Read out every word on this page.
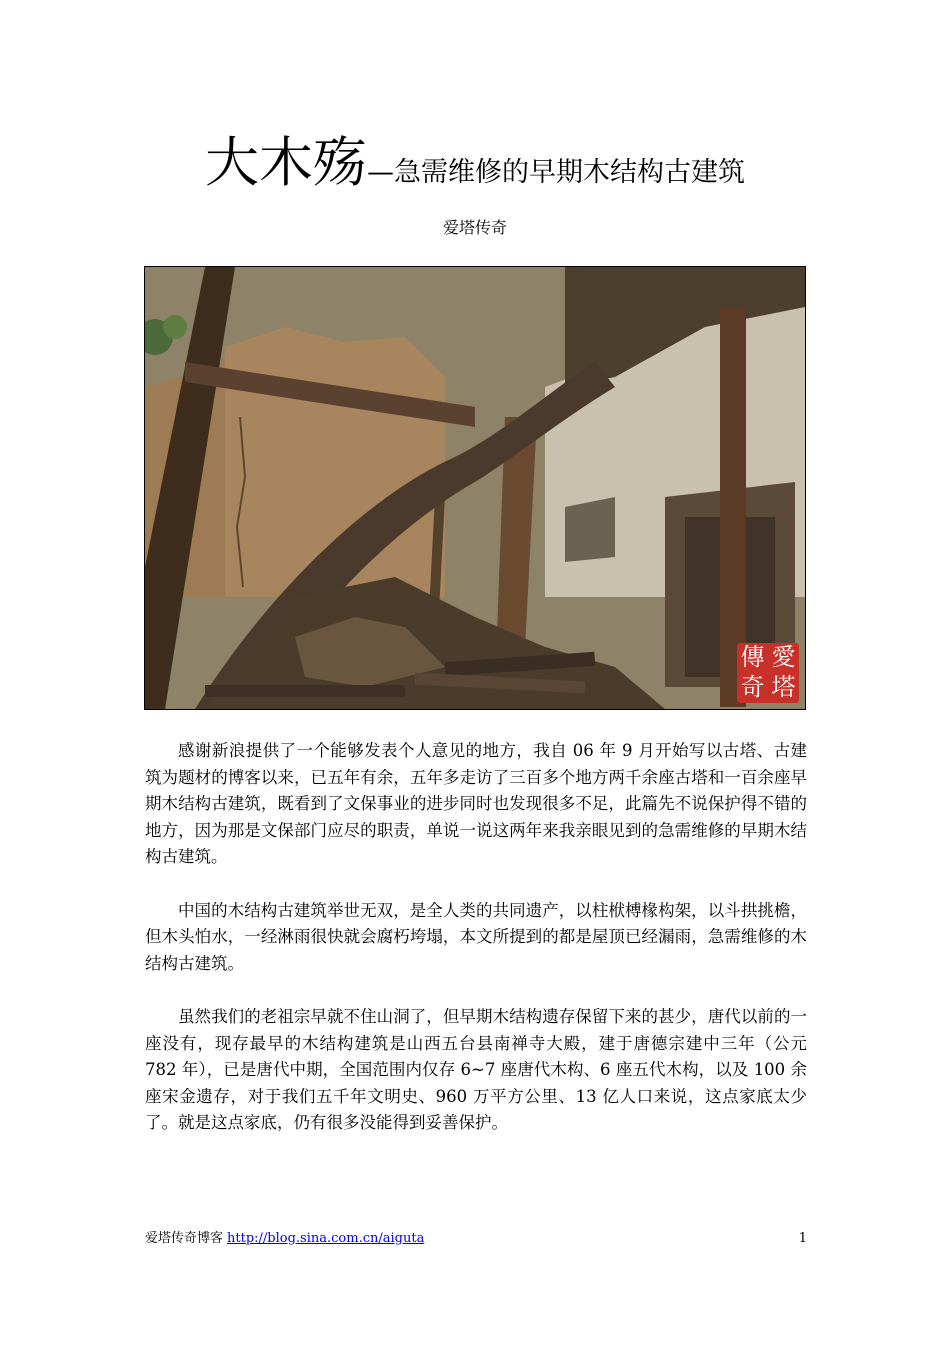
大木殇—急需维修的早期木结构古建筑
爱塔传奇
傳 愛
奇 塔

感谢新浪提供了一个能够发表个人意见的地方，我自 06 年 9 月开始写以古塔、古建筑为题材的博客以来，已五年有余，五年多走访了三百多个地方两千余座古塔和一百余座早期木结构古建筑，既看到了文保事业的进步同时也发现很多不足，此篇先不说保护得不错的地方，因为那是文保部门应尽的职责，单说一说这两年来我亲眼见到的急需维修的早期木结构古建筑。

中国的木结构古建筑举世无双，是全人类的共同遗产，以柱栿榑椽构架，以斗拱挑檐，但木头怕水，一经淋雨很快就会腐朽垮塌，本文所提到的都是屋顶已经漏雨，急需维修的木结构古建筑。

虽然我们的老祖宗早就不住山洞了，但早期木结构遗存保留下来的甚少，唐代以前的一座没有，现存最早的木结构建筑是山西五台县南禅寺大殿，建于唐德宗建中三年（公元 782 年），已是唐代中期，全国范围内仅存 6~7 座唐代木构、6 座五代木构，以及 100 余座宋金遗存，对于我们五千年文明史、960 万平方公里、13 亿人口来说，这点家底太少了。就是这点家底，仍有很多没能得到妥善保护。

爱塔传奇博客 http://blog.sina.com.cn/aiguta	1
